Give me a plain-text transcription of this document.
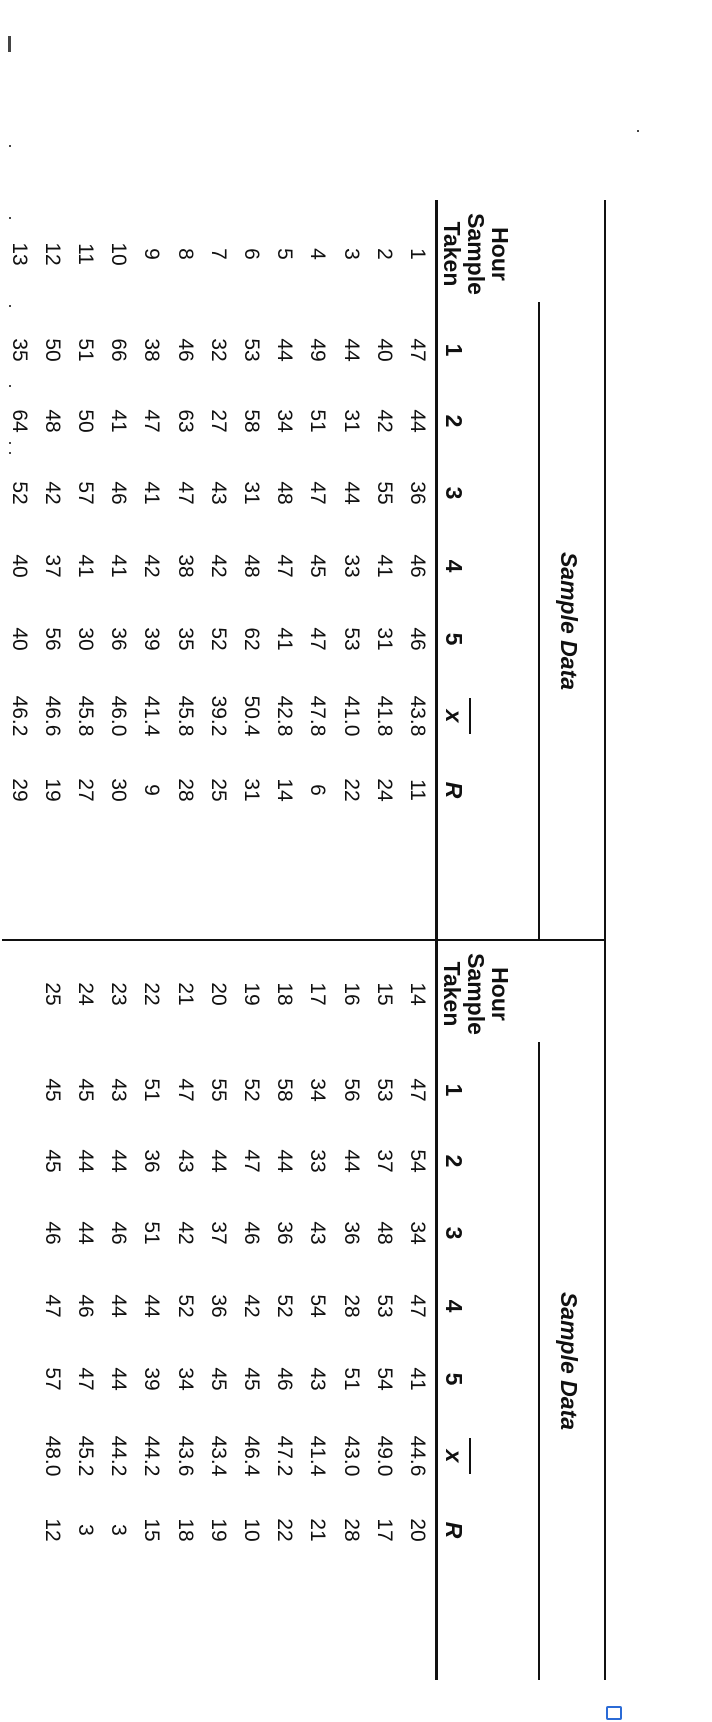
Sample Data
Hour Sample Taken
1
47
44
36
46
46
43.8
11
2
40
42
55
41
31
41.8
24
3
44
31
44
33
53
41.0
22
4
49
51
47
45
47
47.8
6
5
44
34
48
47
41
42.8
14
6
53
58
31
48
62
50.4
31
7
32
27
43
42
52
39.2
25
8
46
63
47
38
35
45.8
28
9
38
47
41
42
39
41.4
9
10
66
41
46
41
36
46.0
30
11
51
50
57
41
30
45.8
27
12
50
48
42
37
56
46.6
19
13
35
64
52
40
40
46.2
29
1
2
3
4
5
x
R
Sample Data
Hour Sample Taken
14
47
54
34
47
41
44.6
20
15
53
37
48
53
54
49.0
17
16
56
44
36
28
51
43.0
28
17
34
33
43
54
43
41.4
21
18
58
44
36
52
46
47.2
22
19
52
47
46
42
45
46.4
10
20
55
44
37
36
45
43.4
19
21
47
43
42
52
34
43.6
18
22
51
36
51
44
39
44.2
15
23
43
44
46
44
44
44.2
3
24
45
44
44
46
47
45.2
3
25
45
45
46
47
57
48.0
12
1
2
3
4
5
x
R
